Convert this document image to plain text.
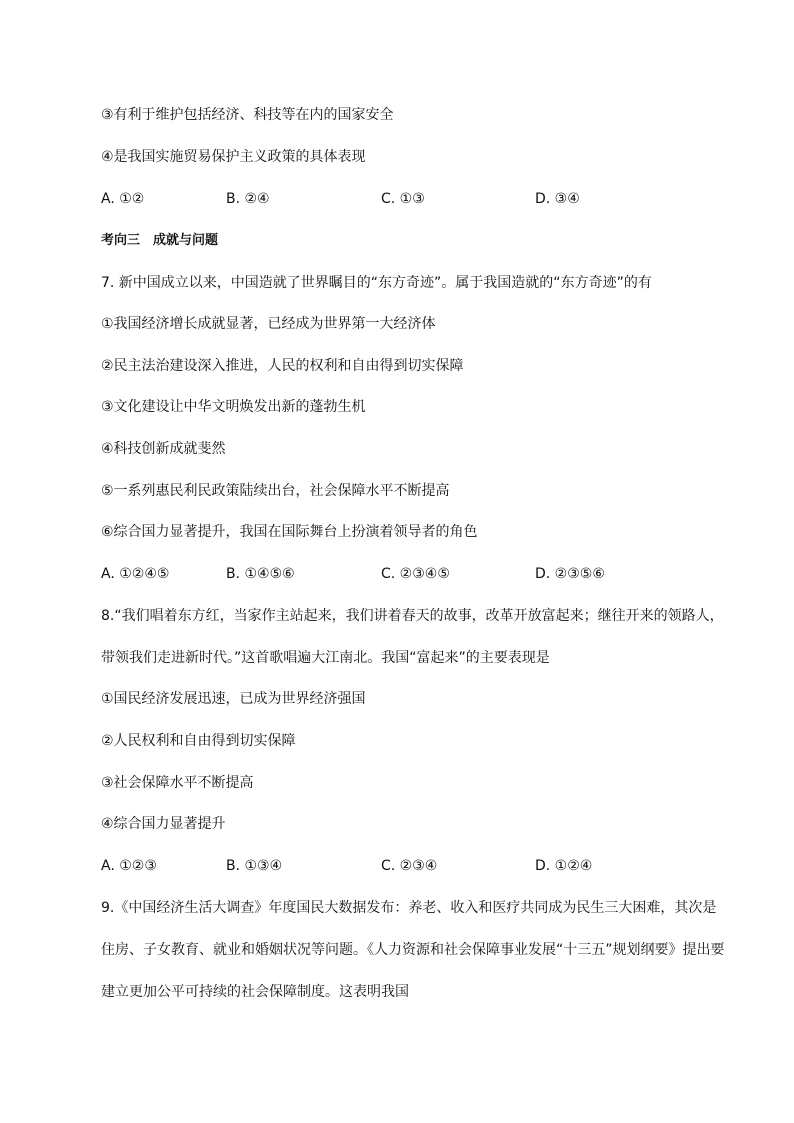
③有利于维护包括经济、科技等在内的国家安全
④是我国实施贸易保护主义政策的具体表现
A. ①②	B. ②④	C. ①③	D. ③④
考向三　成就与问题
7. 新中国成立以来，中国造就了世界瞩目的“东方奇迹”。属于我国造就的“东方奇迹”的有
①我国经济增长成就显著，已经成为世界第一大经济体
②民主法治建设深入推进，人民的权利和自由得到切实保障
③文化建设让中华文明焕发出新的蓬勃生机
④科技创新成就斐然
⑤一系列惠民利民政策陆续出台，社会保障水平不断提高
⑥综合国力显著提升，我国在国际舞台上扮演着领导者的角色
A. ①②④⑤	B. ①④⑤⑥	C. ②③④⑤	D. ②③⑤⑥
8.“我们唱着东方红，当家作主站起来，我们讲着春天的故事，改革开放富起来；继往开来的领路人，
带领我们走进新时代。”这首歌唱遍大江南北。我国“富起来”的主要表现是
①国民经济发展迅速，已成为世界经济强国
②人民权利和自由得到切实保障
③社会保障水平不断提高
④综合国力显著提升
A. ①②③	B. ①③④	C. ②③④	D. ①②④
9.《中国经济生活大调查》年度国民大数据发布：养老、收入和医疗共同成为民生三大困难，其次是
住房、子女教育、就业和婚姻状况等问题。《人力资源和社会保障事业发展“十三五”规划纲要》提出要
建立更加公平可持续的社会保障制度。这表明我国
